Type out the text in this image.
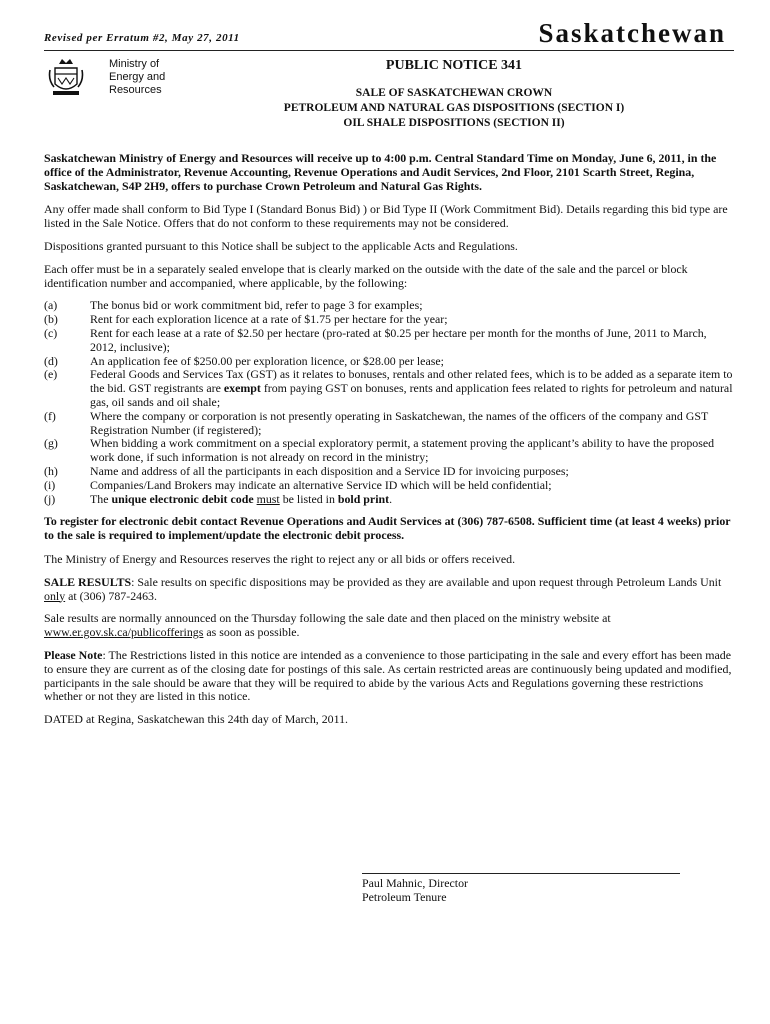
Revised per Erratum #2, May 27, 2011	Saskatchewan
Ministry of
Energy and
Resources
PUBLIC NOTICE 341
SALE OF SASKATCHEWAN CROWN
PETROLEUM AND NATURAL GAS DISPOSITIONS (SECTION I)
OIL SHALE DISPOSITIONS (SECTION II)

Saskatchewan Ministry of Energy and Resources will receive up to 4:00 p.m. Central Standard Time on Monday, June 6, 2011, in the office of the Administrator, Revenue Accounting, Revenue Operations and Audit Services, 2nd Floor, 2101 Scarth Street, Regina, Saskatchewan, S4P 2H9, offers to purchase Crown Petroleum and Natural Gas Rights.

Any offer made shall conform to Bid Type I (Standard Bonus Bid) ) or Bid Type II (Work Commitment Bid). Details regarding this bid type are listed in the Sale Notice. Offers that do not conform to these requirements may not be considered.

Dispositions granted pursuant to this Notice shall be subject to the applicable Acts and Regulations.

Each offer must be in a separately sealed envelope that is clearly marked on the outside with the date of the sale and the parcel or block identification number and accompanied, where applicable, by the following:

(a)	The bonus bid or work commitment bid, refer to page 3 for examples;
(b)	Rent for each exploration licence at a rate of $1.75 per hectare for the year;
(c)	Rent for each lease at a rate of $2.50 per hectare (pro-rated at $0.25 per hectare per month for the months of June, 2011 to March, 2012, inclusive);
(d)	An application fee of $250.00 per exploration licence, or $28.00 per lease;
(e)	Federal Goods and Services Tax (GST) as it relates to bonuses, rentals and other related fees, which is to be added as a separate item to the bid. GST registrants are exempt from paying GST on bonuses, rents and application fees related to rights for petroleum and natural gas, oil sands and oil shale;
(f)	Where the company or corporation is not presently operating in Saskatchewan, the names of the officers of the company and GST Registration Number (if registered);
(g)	When bidding a work commitment on a special exploratory permit, a statement proving the applicant’s ability to have the proposed work done, if such information is not already on record in the ministry;
(h)	Name and address of all the participants in each disposition and a Service ID for invoicing purposes;
(i)	Companies/Land Brokers may indicate an alternative Service ID which will be held confidential;
(j)	The unique electronic debit code must be listed in bold print.

To register for electronic debit contact Revenue Operations and Audit Services at (306) 787-6508. Sufficient time (at least 4 weeks) prior to the sale is required to implement/update the electronic debit process.

The Ministry of Energy and Resources reserves the right to reject any or all bids or offers received.

SALE RESULTS: Sale results on specific dispositions may be provided as they are available and upon request through Petroleum Lands Unit only at (306) 787-2463.

Sale results are normally announced on the Thursday following the sale date and then placed on the ministry website at www.er.gov.sk.ca/publicofferings as soon as possible.

Please Note: The Restrictions listed in this notice are intended as a convenience to those participating in the sale and every effort has been made to ensure they are current as of the closing date for postings of this sale. As certain restricted areas are continuously being updated and modified, participants in the sale should be aware that they will be required to abide by the various Acts and Regulations governing these restrictions whether or not they are listed in this notice.

DATED at Regina, Saskatchewan this 24th day of March, 2011.

Paul Mahnic, Director
Petroleum Tenure
